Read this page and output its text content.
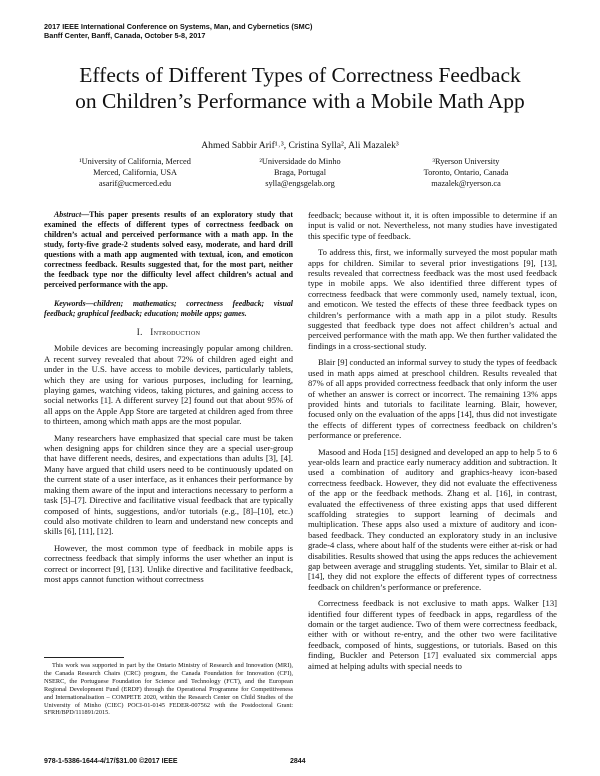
2017 IEEE International Conference on Systems, Man, and Cybernetics (SMC)
Banff Center, Banff, Canada, October 5-8, 2017
Effects of Different Types of Correctness Feedback
on Children’s Performance with a Mobile Math App
Ahmed Sabbir Arif¹˒³, Cristina Sylla², Ali Mazalek³
¹University of California, Merced
Merced, California, USA
asarif@ucmerced.edu
²Universidade do Minho
Braga, Portugal
sylla@engsgelab.org
³Ryerson University
Toronto, Ontario, Canada
mazalek@ryerson.ca

Abstract—This paper presents results of an exploratory study that examined the effects of different types of correctness feedback on children’s actual and perceived performance with a math app. In the study, forty-five grade-2 students solved easy, moderate, and hard drill questions with a math app augmented with textual, icon, and emoticon correctness feedback. Results suggested that, for the most part, neither the feedback type nor the difficulty level affect children’s actual and perceived performance with the app.

Keywords—children; mathematics; correctness feedback; visual feedback; graphical feedback; education; mobile apps; games.

I. Introduction

Mobile devices are becoming increasingly popular among children. A recent survey revealed that about 72% of children aged eight and under in the U.S. have access to mobile devices, particularly tablets, which they are using for various purposes, including for learning, playing games, watching videos, taking pictures, and gaining access to social networks [1]. A different survey [2] found out that about 95% of all apps on the Apple App Store are targeted at children aged from three to thirteen, among which math apps are the most popular.

Many researchers have emphasized that special care must be taken when designing apps for children since they are a special user-group that have different needs, desires, and expectations than adults [3], [4]. Many have argued that child users need to be continuously updated on the current state of a user interface, as it enhances their performance by making them aware of the input and interactions necessary to perform a task [5]–[7]. Directive and facilitative visual feedback that are typically composed of hints, suggestions, and/or tutorials (e.g., [8]–[10], etc.) could also motivate children to learn and understand new concepts and skills [6], [11], [12].

However, the most common type of feedback in mobile apps is correctness feedback that simply informs the user whether an input is correct or incorrect [9], [13]. Unlike directive and facilitative feedback, most apps cannot function without correctness

feedback; because without it, it is often impossible to determine if an input is valid or not. Nevertheless, not many studies have investigated this specific type of feedback.

To address this, first, we informally surveyed the most popular math apps for children. Similar to several prior investigations [9], [13], results revealed that correctness feedback was the most used feedback type in mobile apps. We also identified three different types of correctness feedback that were commonly used, namely textual, icon, and emoticon. We tested the effects of these three feedback types on children’s performance with a math app in a pilot study. Results suggested that feedback type does not affect children’s actual and perceived performance with the math app. We then further validated the findings in a cross-sectional study.

Blair [9] conducted an informal survey to study the types of feedback used in math apps aimed at preschool children. Results revealed that 87% of all apps provided correctness feedback that only inform the user of whether an answer is correct or incorrect. The remaining 13% apps provided hints and tutorials to facilitate learning. Blair, however, focused only on the evaluation of the apps [14], thus did not investigate the effects of different types of correctness feedback on children’s performance or preference.

Masood and Hoda [15] designed and developed an app to help 5 to 6 year-olds learn and practice early numeracy addition and subtraction. It used a combination of auditory and graphics-heavy icon-based correctness feedback. However, they did not evaluate the effectiveness of the app or the feedback methods. Zhang et al. [16], in contrast, evaluated the effectiveness of three existing apps that used different scaffolding strategies to support learning of decimals and multiplication. These apps also used a mixture of auditory and icon-based feedback. They conducted an exploratory study in an inclusive grade-4 class, where about half of the students were either at-risk or had disabilities. Results showed that using the apps reduces the achievement gap between average and struggling students. Yet, similar to Blair et al. [14], they did not explore the effects of different types of correctness feedback on children’s performance or preference.

Correctness feedback is not exclusive to math apps. Walker [13] identified four different types of feedback in apps, regardless of the domain or the target audience. Two of them were correctness feedback, either with or without re-entry, and the other two were facilitative feedback, composed of hints, suggestions, or tutorials. Based on this finding, Buckler and Peterson [17] evaluated six commercial apps aimed at helping adults with special needs to

This work was supported in part by the Ontario Ministry of Research and Innovation (MRI), the Canada Research Chairs (CRC) program, the Canada Foundation for Innovation (CFI), NSERC, the Portuguese Foundation for Science and Technology (FCT), and the European Regional Development Fund (ERDF) through the Operational Programme for Competitiveness and Internationalisation – COMPETE 2020, within the Research Center on Child Studies of the University of Minho (CIEC) POCI-01-0145 FEDER-007562 with the Postdoctoral Grant: SFRH/BPD/111891/2015.
978-1-5386-1644-4/17/$31.00 ©2017 IEEE	2844
